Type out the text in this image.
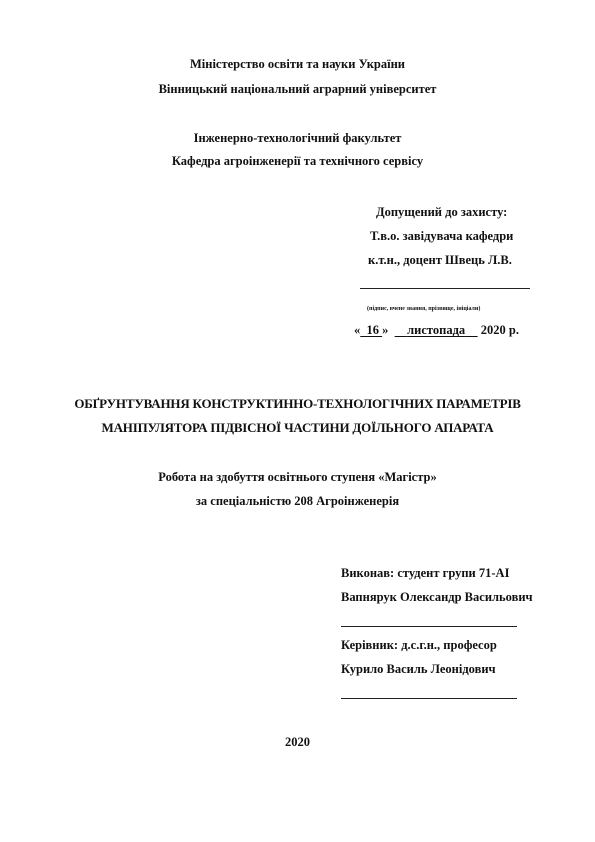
Міністерство освіти та науки України
Вінницький національний аграрний університет
Інженерно-технологічний факультет
Кафедра агроінженерії та технічного сервісу
Допущений до захисту:
Т.в.о. завідувача кафедри
к.т.н., доцент Швець Л.В.
(підпис, вчене звання, прізвище, ініціали)
« 16 » листопада 2020 р.
ОБҐРУНТУВАННЯ КОНСТРУКТИННО-ТЕХНОЛОГІЧНИХ ПАРАМЕТРІВ
МАНІПУЛЯТОРА ПІДВІСНОЇ ЧАСТИНИ ДОЇЛЬНОГО АПАРАТА
Робота на здобуття освітнього ступеня «Магістр»
за спеціальністю 208 Агроінженерія
Виконав: студент групи 71-АІ
Вапнярук Олександр Васильович
Керівник: д.с.г.н., професор
Курило Василь Леонідович
2020
